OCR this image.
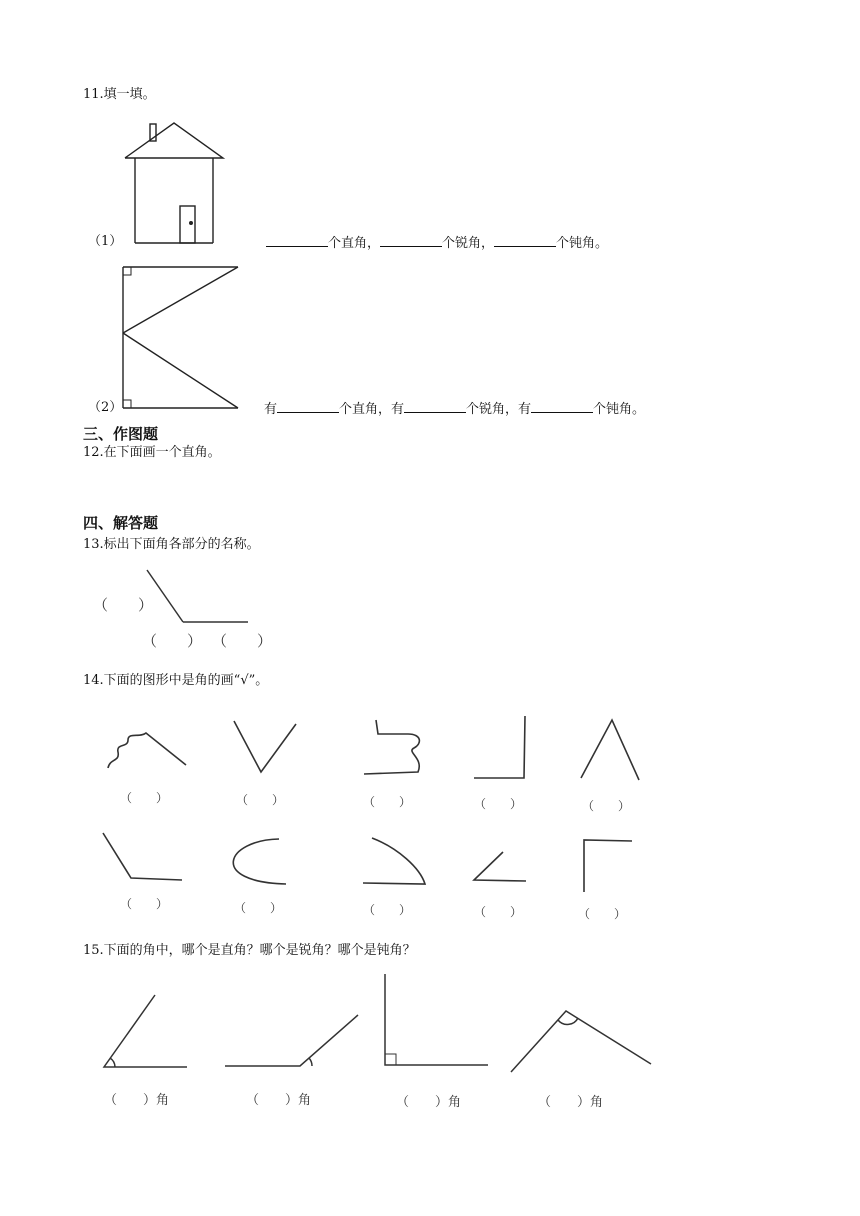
11.填一填。
（1）	个直角，	个锐角，	个钝角。
（2）	有	个直角，有	个锐角，有	个钝角。
三、作图题
12.在下面画一个直角。
四、解答题
13.标出下面角各部分的名称。
（　　）
（　　） （　　）
14.下面的图形中是角的画“√”。
（　　）	（　　）	（　　）	（　　）	（　　）
（　　）	（　　）	（　　）	（　　）	（　　）
15.下面的角中，哪个是直角？哪个是锐角？哪个是钝角？
（　　）角	（　　）角	（　　）角	（　　）角
